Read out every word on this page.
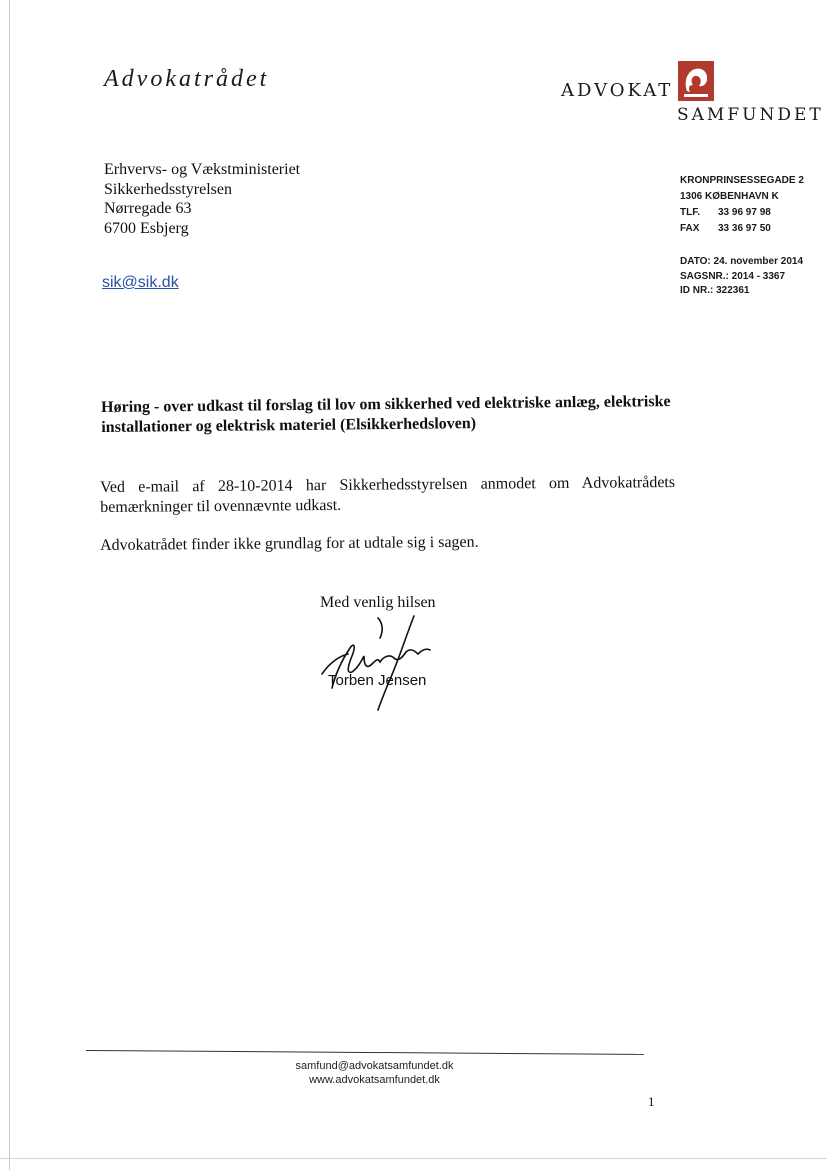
Advokatrådet	ADVOKAT
SAMFUNDET
Erhvervs- og Vækstministeriet
Sikkerhedsstyrelsen
Nørregade 63
6700 Esbjerg
sik@sik.dk
KRONPRINSESSEGADE 2
1306 KØBENHAVN K
TLF. 33 96 97 98
FAX 33 36 97 50
DATO: 24. november 2014
SAGSNR.: 2014 - 3367
ID NR.: 322361
Høring - over udkast til forslag til lov om sikkerhed ved elektriske anlæg, elektriske installationer og elektrisk materiel (Elsikkerhedsloven)
Ved e-mail af 28-10-2014 har Sikkerhedsstyrelsen anmodet om Advokatrådets bemærkninger til ovennævnte udkast.
Advokatrådet finder ikke grundlag for at udtale sig i sagen.
Med venlig hilsen
Torben Jensen
samfund@advokatsamfundet.dk
www.advokatsamfundet.dk
1
